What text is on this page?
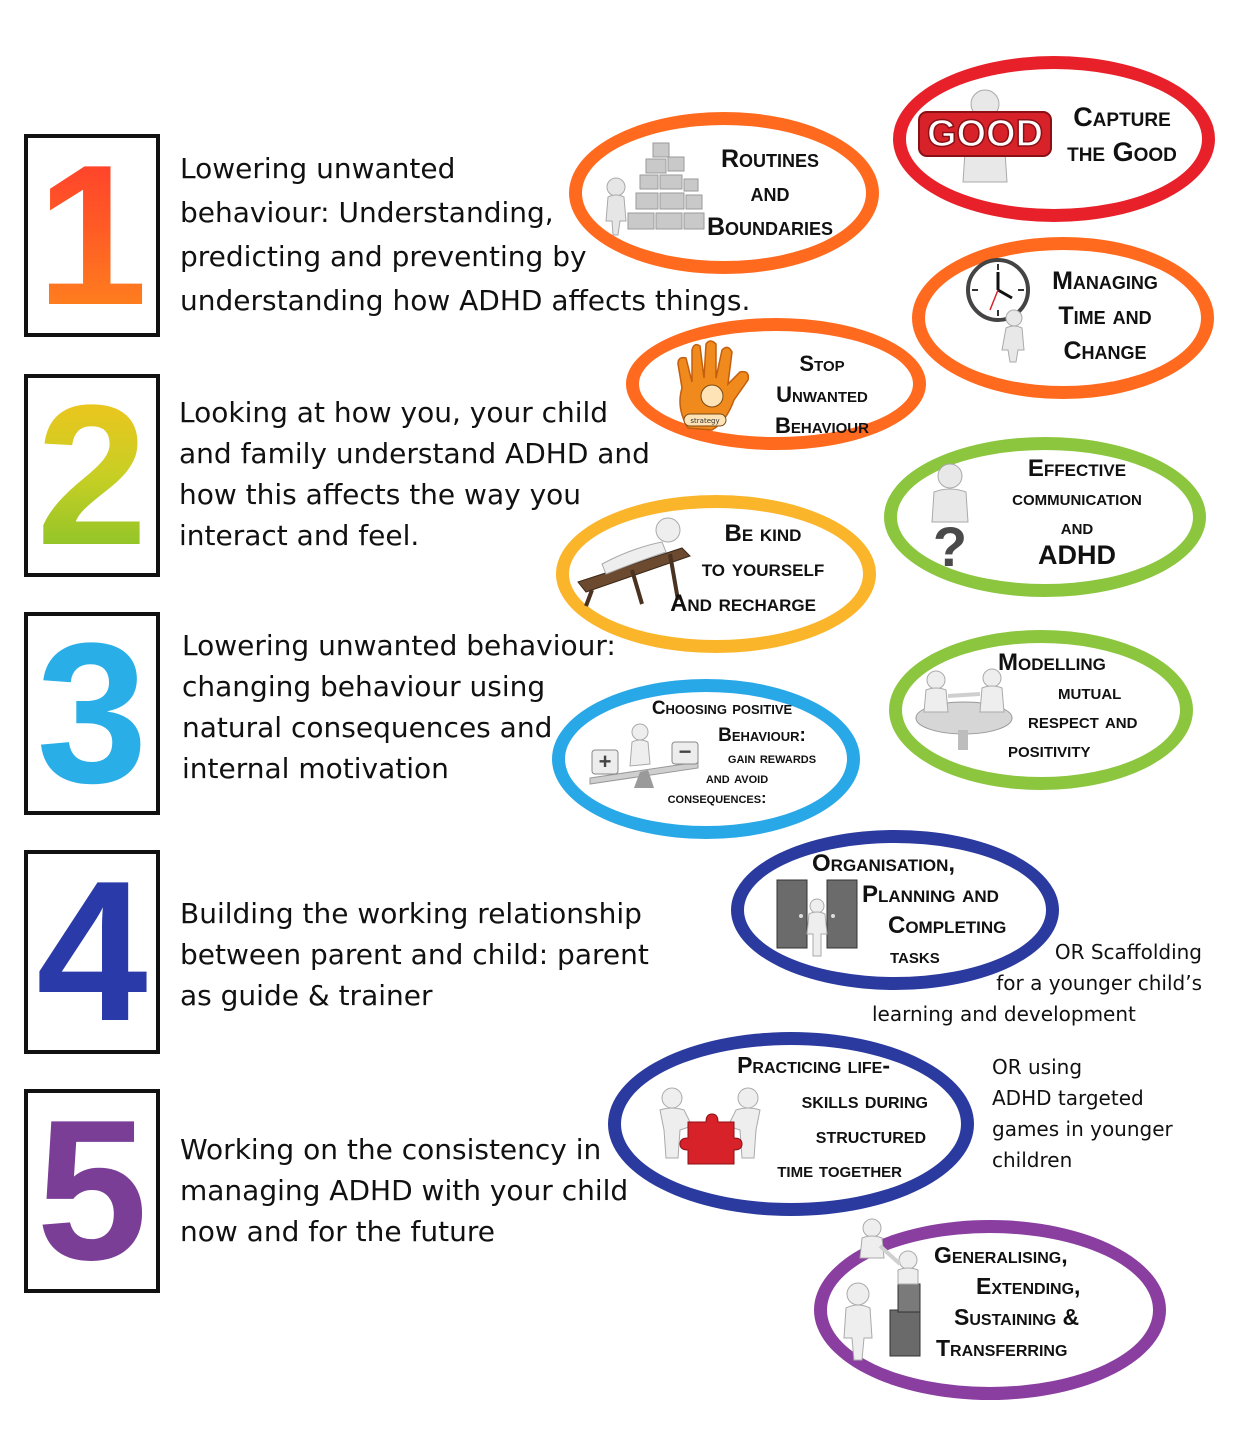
1 Lowering unwanted
behaviour: Understanding,
predicting and preventing by
understanding how ADHD affects things.
2 Looking at how you, your child
and family understand ADHD and
how this affects the way you
interact and feel.
3 Lowering unwanted behaviour:
changing behaviour using
natural consequences and
internal motivation
4 Building the working relationship
between parent and child: parent
as guide & trainer
5 Working on the consistency in
managing ADHD with your child
now and for the future
Routines
and
Boundaries
GOOD	Capture
the Good
Managing
Time and
Change
strategy
Stop
Unwanted
Behaviour
?
Effective
communication
and
ADHD
Be kind
to yourself
And recharge
Modelling
mutual
respect and
positivity
+	−
Choosing positive
Behaviour:
gain rewards
and avoid
consequences:
Organisation,
Planning and
Completing
tasks	OR Scaffolding
for a younger child’s
learning and development
Practicing life-
skills during
structured
time together
OR using
ADHD targeted
games in younger
children
Generalising,
Extending,
Sustaining &
Transferring
